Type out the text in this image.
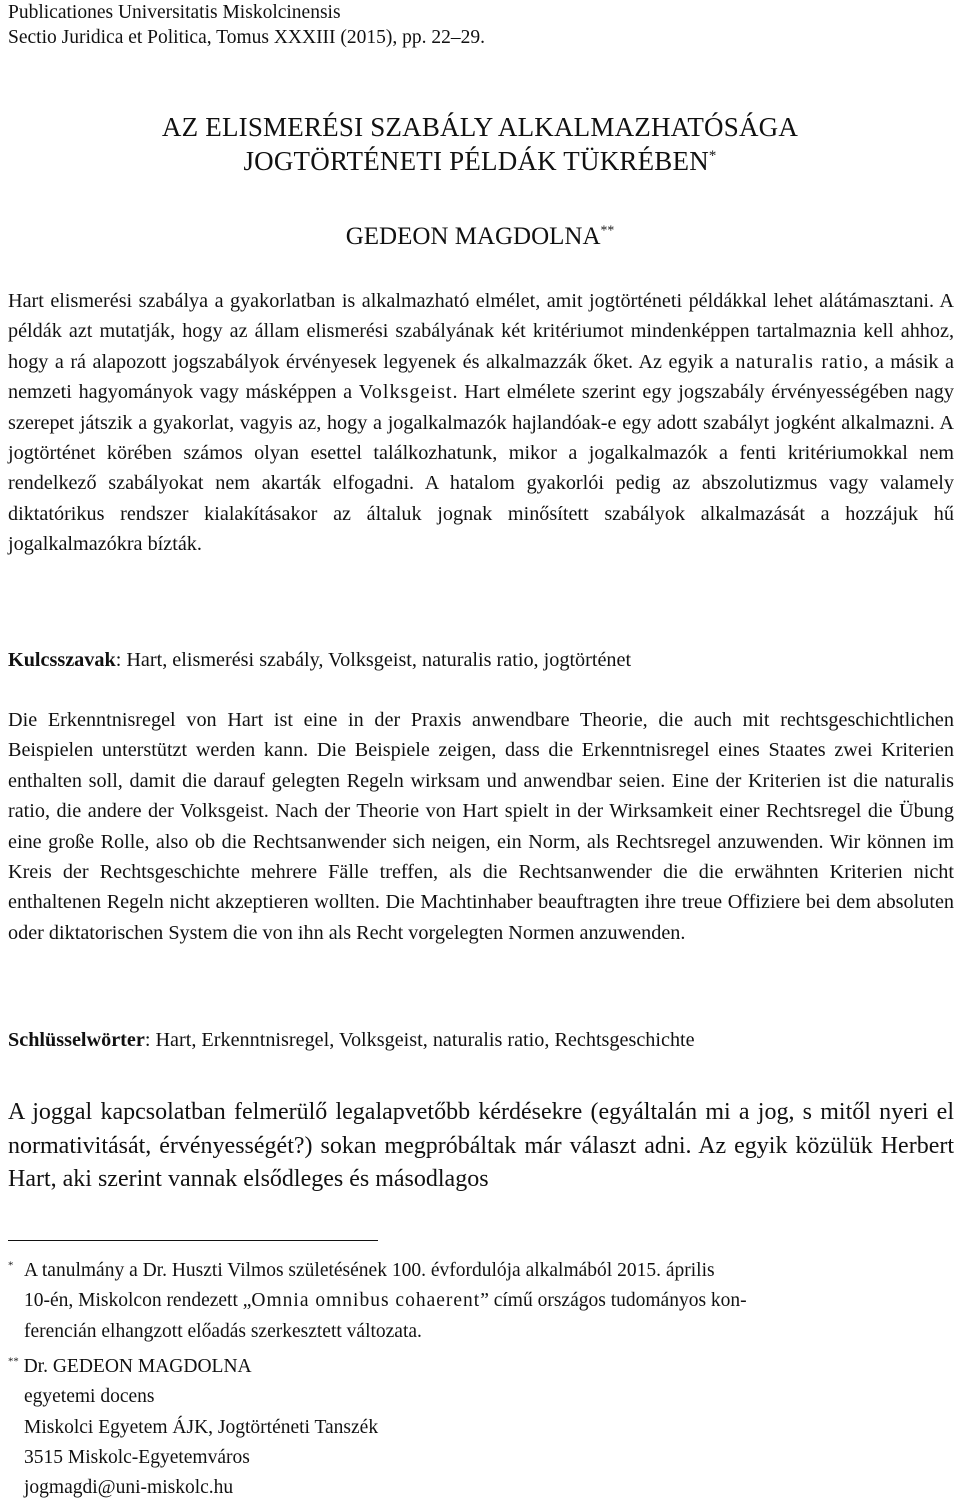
Publicationes Universitatis Miskolcinensis
Sectio Juridica et Politica, Tomus XXXIII (2015), pp. 22–29.
AZ ELISMERÉSI SZABÁLY ALKALMAZHATÓSÁGA
JOGTÖRTÉNETI PÉLDÁK TÜKRÉBEN*
GEDEON MAGDOLNA**

Hart elismerési szabálya a gyakorlatban is alkalmazható elmélet, amit jogtörténeti példákkal lehet alátámasztani. A példák azt mutatják, hogy az állam elismerési szabályának két kritériumot mindenképpen tartalmaznia kell ahhoz, hogy a rá alapozott jogszabályok érvényesek legyenek és alkalmazzák őket. Az egyik a naturalis ratio, a másik a nemzeti hagyományok vagy másképpen a Volksgeist. Hart elmélete szerint egy jogszabály érvényességében nagy szerepet játszik a gyakorlat, vagyis az, hogy a jogalkalmazók hajlandóak-e egy adott szabályt jogként alkalmazni. A jogtörténet körében számos olyan esettel találkozhatunk, mikor a jogalkalmazók a fenti kritériumokkal nem rendelkező szabályokat nem akarták elfogadni. A hatalom gyakorlói pedig az abszolutizmus vagy valamely diktatórikus rendszer kialakításakor az általuk jognak minősített szabályok alkalmazását a hozzájuk hű jogalkalmazókra bízták.

Kulcsszavak: Hart, elismerési szabály, Volksgeist, naturalis ratio, jogtörténet

Die Erkenntnisregel von Hart ist eine in der Praxis anwendbare Theorie, die auch mit rechtsgeschichtlichen Beispielen unterstützt werden kann. Die Beispiele zeigen, dass die Erkenntnisregel eines Staates zwei Kriterien enthalten soll, damit die darauf gelegten Regeln wirksam und anwendbar seien. Eine der Kriterien ist die naturalis ratio, die andere der Volksgeist. Nach der Theorie von Hart spielt in der Wirksamkeit einer Rechtsregel die Übung eine große Rolle, also ob die Rechtsanwender sich neigen, ein Norm, als Rechtsregel anzuwenden. Wir können im Kreis der Rechtsgeschichte mehrere Fälle treffen, als die Rechtsanwender die die erwähnten Kriterien nicht enthaltenen Regeln nicht akzeptieren wollten. Die Machtinhaber beauftragten ihre treue Offiziere bei dem absoluten oder diktatorischen System die von ihn als Recht vorgelegten Normen anzuwenden.

Schlüsselwörter: Hart, Erkenntnisregel, Volksgeist, naturalis ratio, Rechtsgeschichte

A joggal kapcsolatban felmerülő legalapvetőbb kérdésekre (egyáltalán mi a jog, s mitől nyeri el normativitását, érvényességét?) sokan megpróbáltak már választ adni. Az egyik közülük Herbert Hart, aki szerint vannak elsődleges és másodlagos

* A tanulmány a Dr. Huszti Vilmos születésének 100. évfordulója alkalmából 2015. április
10-én, Miskolcon rendezett „Omnia omnibus cohaerent” című országos tudományos kon-
ferencián elhangzott előadás szerkesztett változata.

** Dr. GEDEON MAGDOLNA
egyetemi docens
Miskolci Egyetem ÁJK, Jogtörténeti Tanszék
3515 Miskolc-Egyetemváros
jogmagdi@uni-miskolc.hu
